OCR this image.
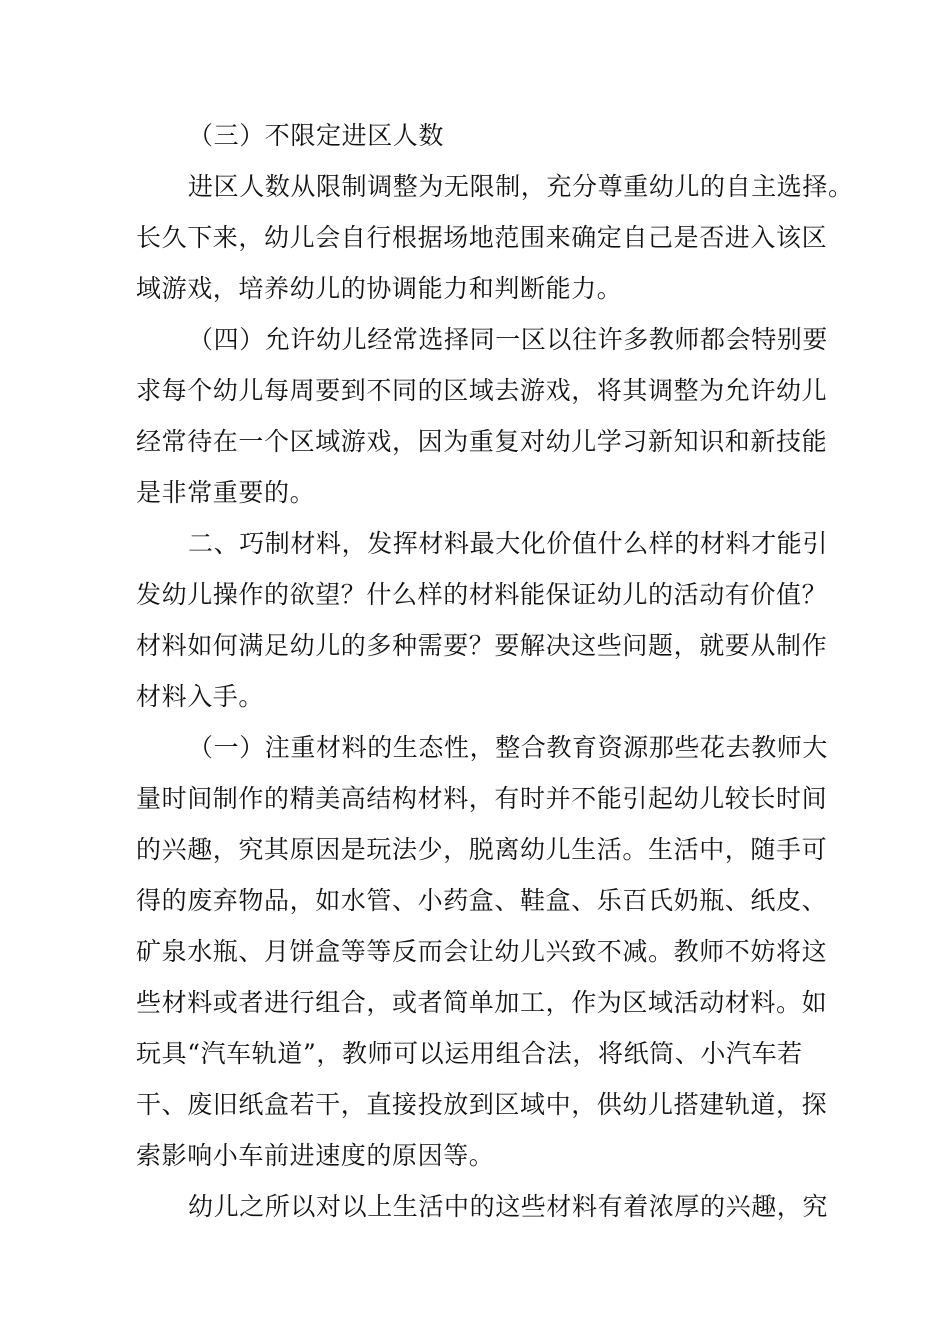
（三）不限定进区人数
进区人数从限制调整为无限制，充分尊重幼儿的自主选择。
长久下来，幼儿会自行根据场地范围来确定自己是否进入该区
域游戏，培养幼儿的协调能力和判断能力。
（四）允许幼儿经常选择同一区以往许多教师都会特别要
求每个幼儿每周要到不同的区域去游戏，将其调整为允许幼儿
经常待在一个区域游戏，因为重复对幼儿学习新知识和新技能
是非常重要的。
二、巧制材料，发挥材料最大化价值什么样的材料才能引
发幼儿操作的欲望？什么样的材料能保证幼儿的活动有价值？
材料如何满足幼儿的多种需要？要解决这些问题，就要从制作
材料入手。
（一）注重材料的生态性，整合教育资源那些花去教师大
量时间制作的精美高结构材料，有时并不能引起幼儿较长时间
的兴趣，究其原因是玩法少，脱离幼儿生活。生活中，随手可
得的废弃物品，如水管、小药盒、鞋盒、乐百氏奶瓶、纸皮、
矿泉水瓶、月饼盒等等反而会让幼儿兴致不减。教师不妨将这
些材料或者进行组合，或者简单加工，作为区域活动材料。如
玩具“汽车轨道”，教师可以运用组合法，将纸筒、小汽车若
干、废旧纸盒若干，直接投放到区域中，供幼儿搭建轨道，探
索影响小车前进速度的原因等。
幼儿之所以对以上生活中的这些材料有着浓厚的兴趣，究
